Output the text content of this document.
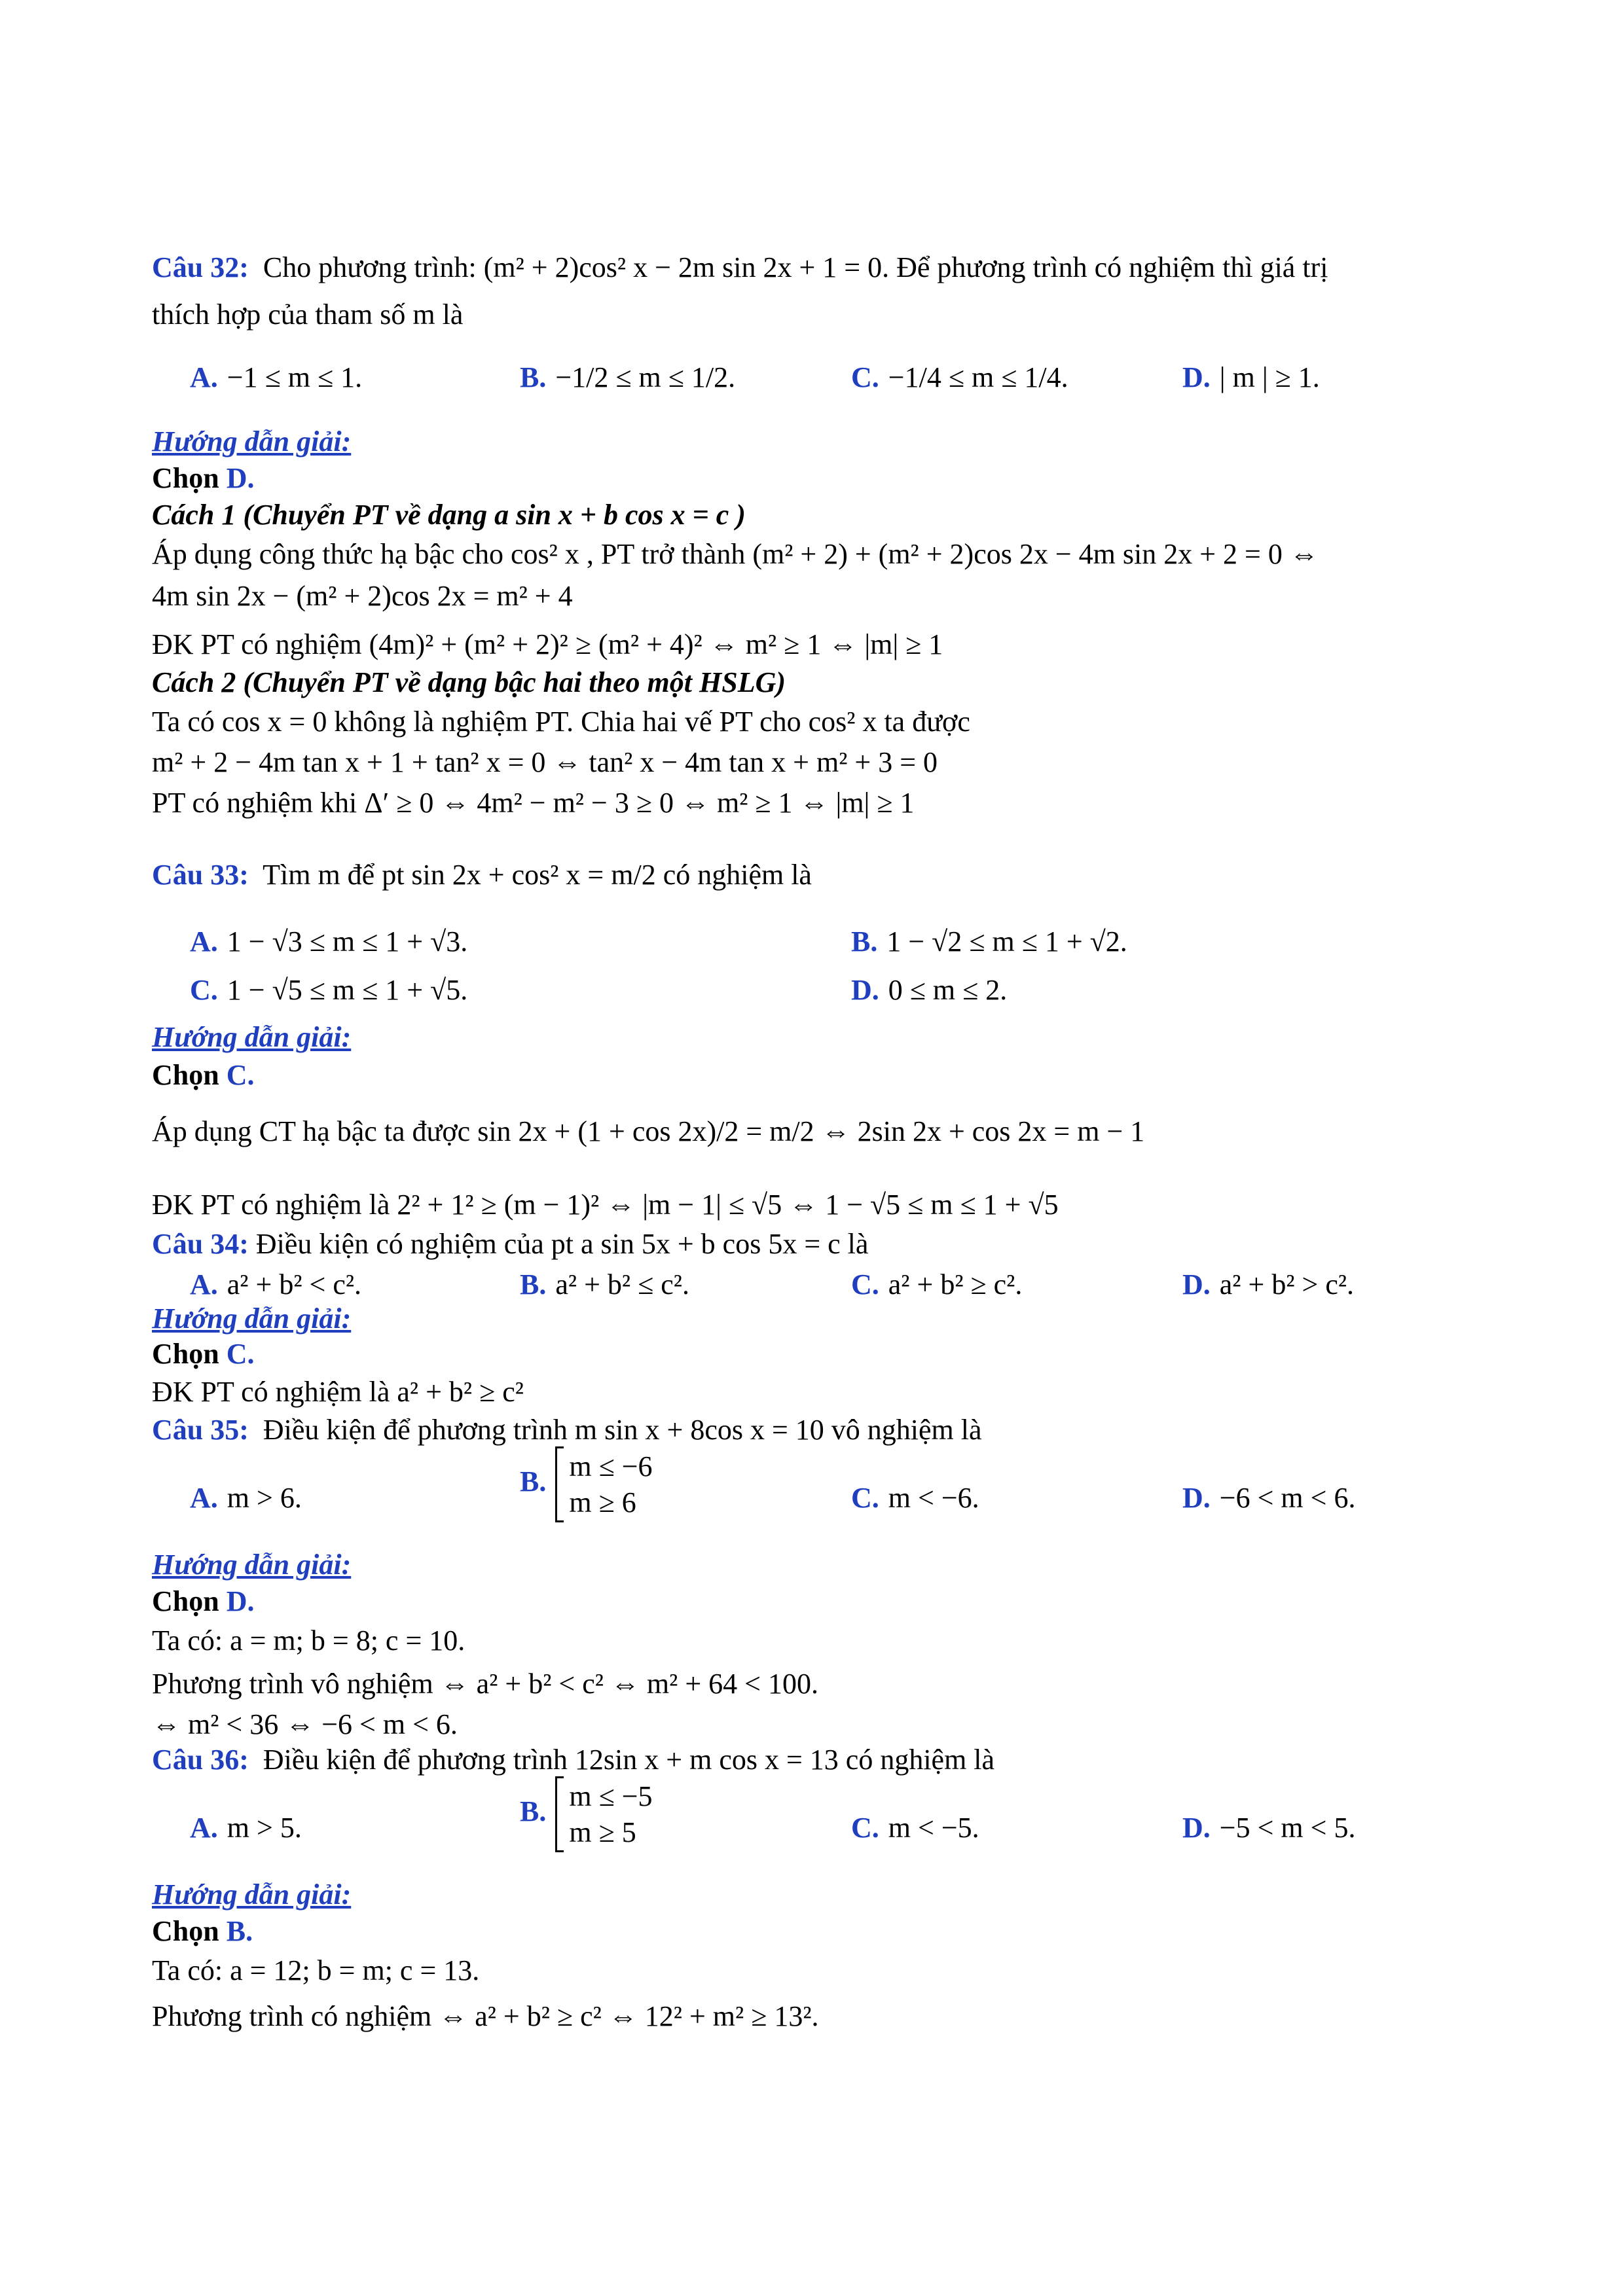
Câu 32: Cho phương trình: (m² + 2)cos² x − 2m sin 2x + 1 = 0. Để phương trình có nghiệm thì giá trị
thích hợp của tham số m là
A. −1 ≤ m ≤ 1.	B. −1/2 ≤ m ≤ 1/2.	C. −1/4 ≤ m ≤ 1/4.	D. | m | ≥ 1.
Hướng dẫn giải:
Chọn D.
Cách 1 (Chuyển PT về dạng a sin x + b cos x = c )
Áp dụng công thức hạ bậc cho cos² x , PT trở thành (m² + 2) + (m² + 2)cos 2x − 4m sin 2x + 2 = 0 ⇔
4m sin 2x − (m² + 2)cos 2x = m² + 4
ĐK PT có nghiệm (4m)² + (m² + 2)² ≥ (m² + 4)² ⇔ m² ≥ 1 ⇔ |m| ≥ 1
Cách 2 (Chuyển PT về dạng bậc hai theo một HSLG)
Ta có cos x = 0 không là nghiệm PT. Chia hai vế PT cho cos² x ta được
m² + 2 − 4m tan x + 1 + tan² x = 0 ⇔ tan² x − 4m tan x + m² + 3 = 0
PT có nghiệm khi Δ′ ≥ 0 ⇔ 4m² − m² − 3 ≥ 0 ⇔ m² ≥ 1 ⇔ |m| ≥ 1
Câu 33: Tìm m để pt sin 2x + cos² x = m/2 có nghiệm là
A. 1 − √3 ≤ m ≤ 1 + √3.	B. 1 − √2 ≤ m ≤ 1 + √2.
C. 1 − √5 ≤ m ≤ 1 + √5.	D. 0 ≤ m ≤ 2.
Hướng dẫn giải:
Chọn C.
Áp dụng CT hạ bậc ta được sin 2x + (1 + cos 2x)/2 = m/2 ⇔ 2sin 2x + cos 2x = m − 1
ĐK PT có nghiệm là 2² + 1² ≥ (m − 1)² ⇔ |m − 1| ≤ √5 ⇔ 1 − √5 ≤ m ≤ 1 + √5
Câu 34: Điều kiện có nghiệm của pt a sin 5x + b cos 5x = c là
A. a² + b² < c².	B. a² + b² ≤ c².	C. a² + b² ≥ c².	D. a² + b² > c².
Hướng dẫn giải:
Chọn C.
ĐK PT có nghiệm là a² + b² ≥ c²
Câu 35: Điều kiện để phương trình m sin x + 8cos x = 10 vô nghiệm là
A. m > 6.
B. m ≤ −6
m ≥ 6	C. m < −6.	D. −6 < m < 6.
Hướng dẫn giải:
Chọn D.
Ta có: a = m; b = 8; c = 10.
Phương trình vô nghiệm ⇔ a² + b² < c² ⇔ m² + 64 < 100.
⇔ m² < 36 ⇔ −6 < m < 6.
Câu 36: Điều kiện để phương trình 12sin x + m cos x = 13 có nghiệm là
A. m > 5.
B. m ≤ −5
m ≥ 5	C. m < −5.	D. −5 < m < 5.
Hướng dẫn giải:
Chọn B.
Ta có: a = 12; b = m; c = 13.
Phương trình có nghiệm ⇔ a² + b² ≥ c² ⇔ 12² + m² ≥ 13².
